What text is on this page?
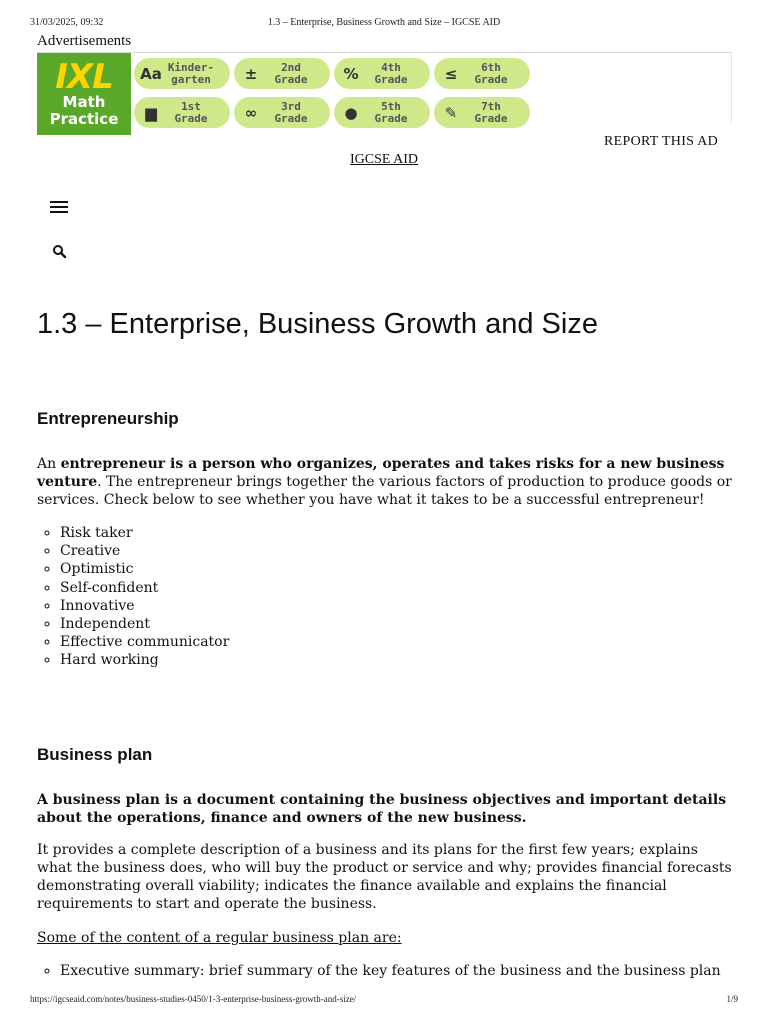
31/03/2025, 09:32	1.3 – Enterprise, Business Growth and Size – IGCSE AID
Advertisements
IXL
Math
Practice
Aa Kinder-
garten	±	2nd
Grade	%	4th
Grade	≤	6th
Grade
▆	1st
Grade	∞	3rd
Grade	●	5th
Grade	✎	7th
Grade
REPORT THIS AD
IGCSE AID
1.3 – Enterprise, Business Growth and Size
Entrepreneurship

An entrepreneur is a person who organizes, operates and takes risks for a new business venture. The entrepreneur brings together the various factors of production to produce goods or services. Check below to see whether you have what it takes to be a successful entrepreneur!

◦ Risk taker
◦ Creative
◦ Optimistic
◦ Self-confident
◦ Innovative
◦ Independent
◦ Effective communicator
◦ Hard working
Business plan

A business plan is a document containing the business objectives and important details about the operations, finance and owners of the new business.

It provides a complete description of a business and its plans for the first few years; explains what the business does, who will buy the product or service and why; provides financial forecasts demonstrating overall viability; indicates the finance available and explains the financial requirements to start and operate the business.

Some of the content of a regular business plan are:

◦ Executive summary: brief summary of the key features of the business and the business plan
https://igcseaid.com/notes/business-studies-0450/1-3-enterprise-business-growth-and-size/	1/9
